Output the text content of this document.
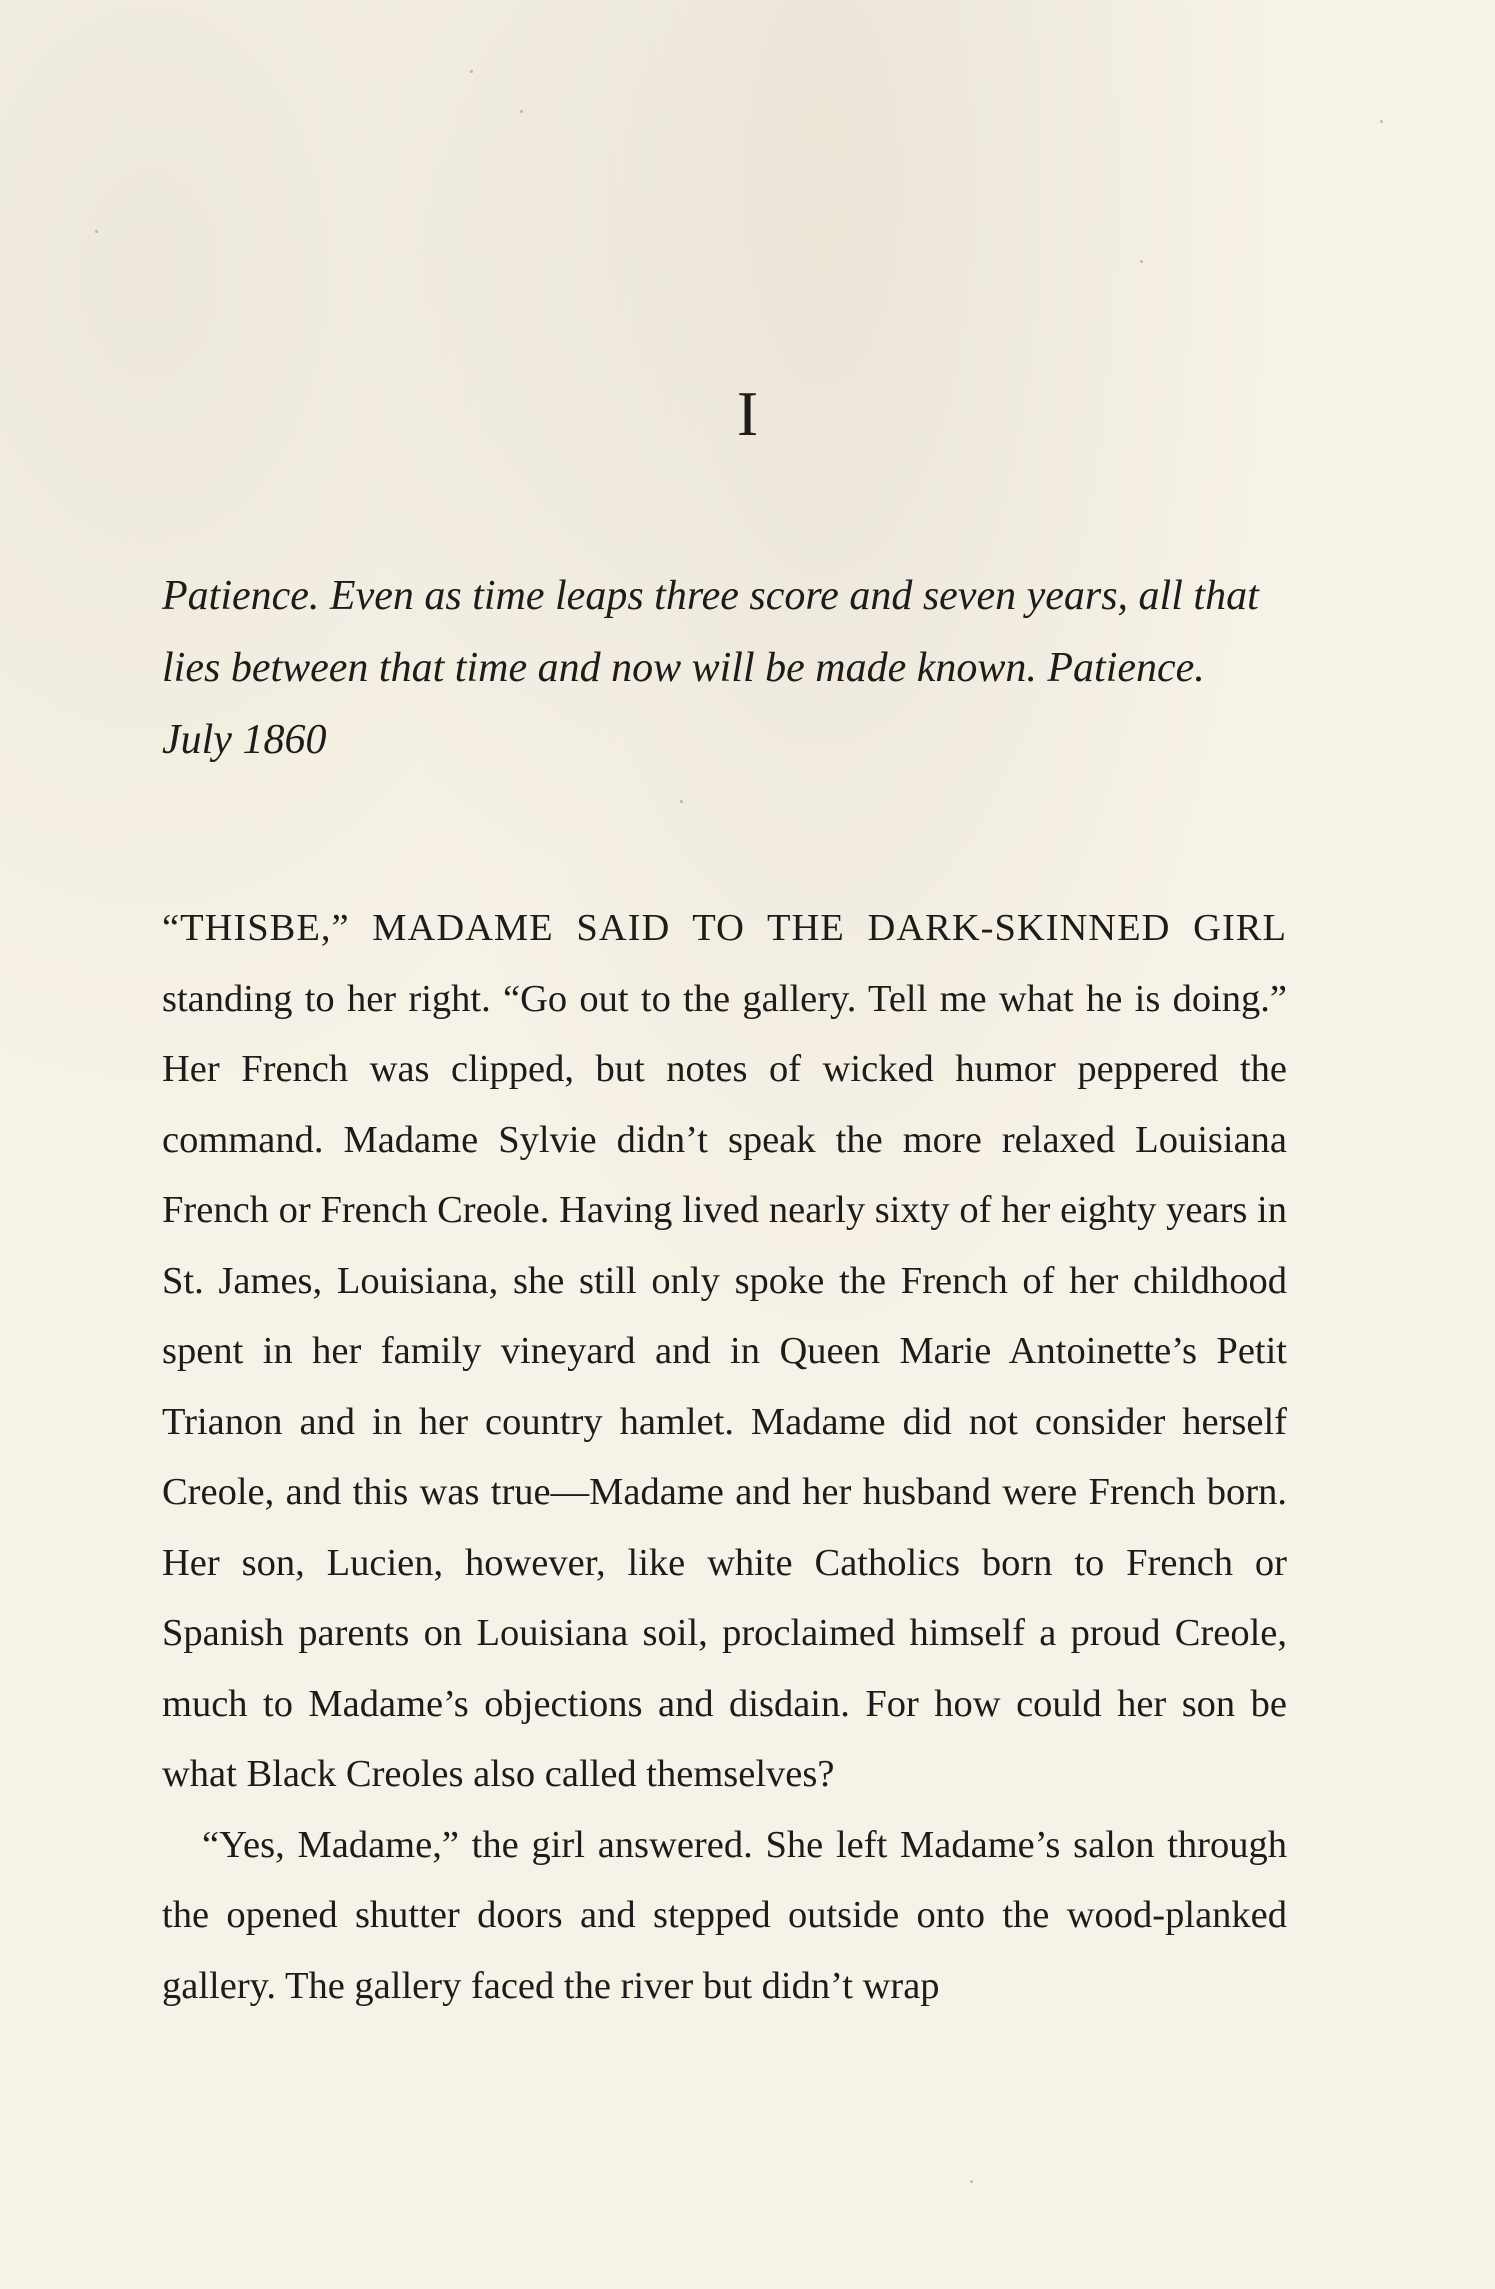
I

Patience. Even as time leaps three score and seven years, all that lies between that time and now will be made known. Patience.

July 1860

“THISBE,” MADAME SAID TO THE DARK-SKINNED GIRL standing to her right. “Go out to the gallery. Tell me what he is doing.” Her French was clipped, but notes of wicked humor peppered the command. Madame Sylvie didn’t speak the more relaxed Louisiana French or French Creole. Having lived nearly sixty of her eighty years in St. James, Louisiana, she still only spoke the French of her childhood spent in her family vineyard and in Queen Marie Antoinette’s Petit Trianon and in her country hamlet. Madame did not consider herself Creole, and this was true—Madame and her husband were French born. Her son, Lucien, however, like white Catholics born to French or Spanish parents on Louisiana soil, proclaimed himself a proud Creole, much to Madame’s objections and disdain. For how could her son be what Black Creoles also called themselves?

“Yes, Madame,” the girl answered. She left Madame’s salon through the opened shutter doors and stepped outside onto the wood-planked gallery. The gallery faced the river but didn’t wrap
